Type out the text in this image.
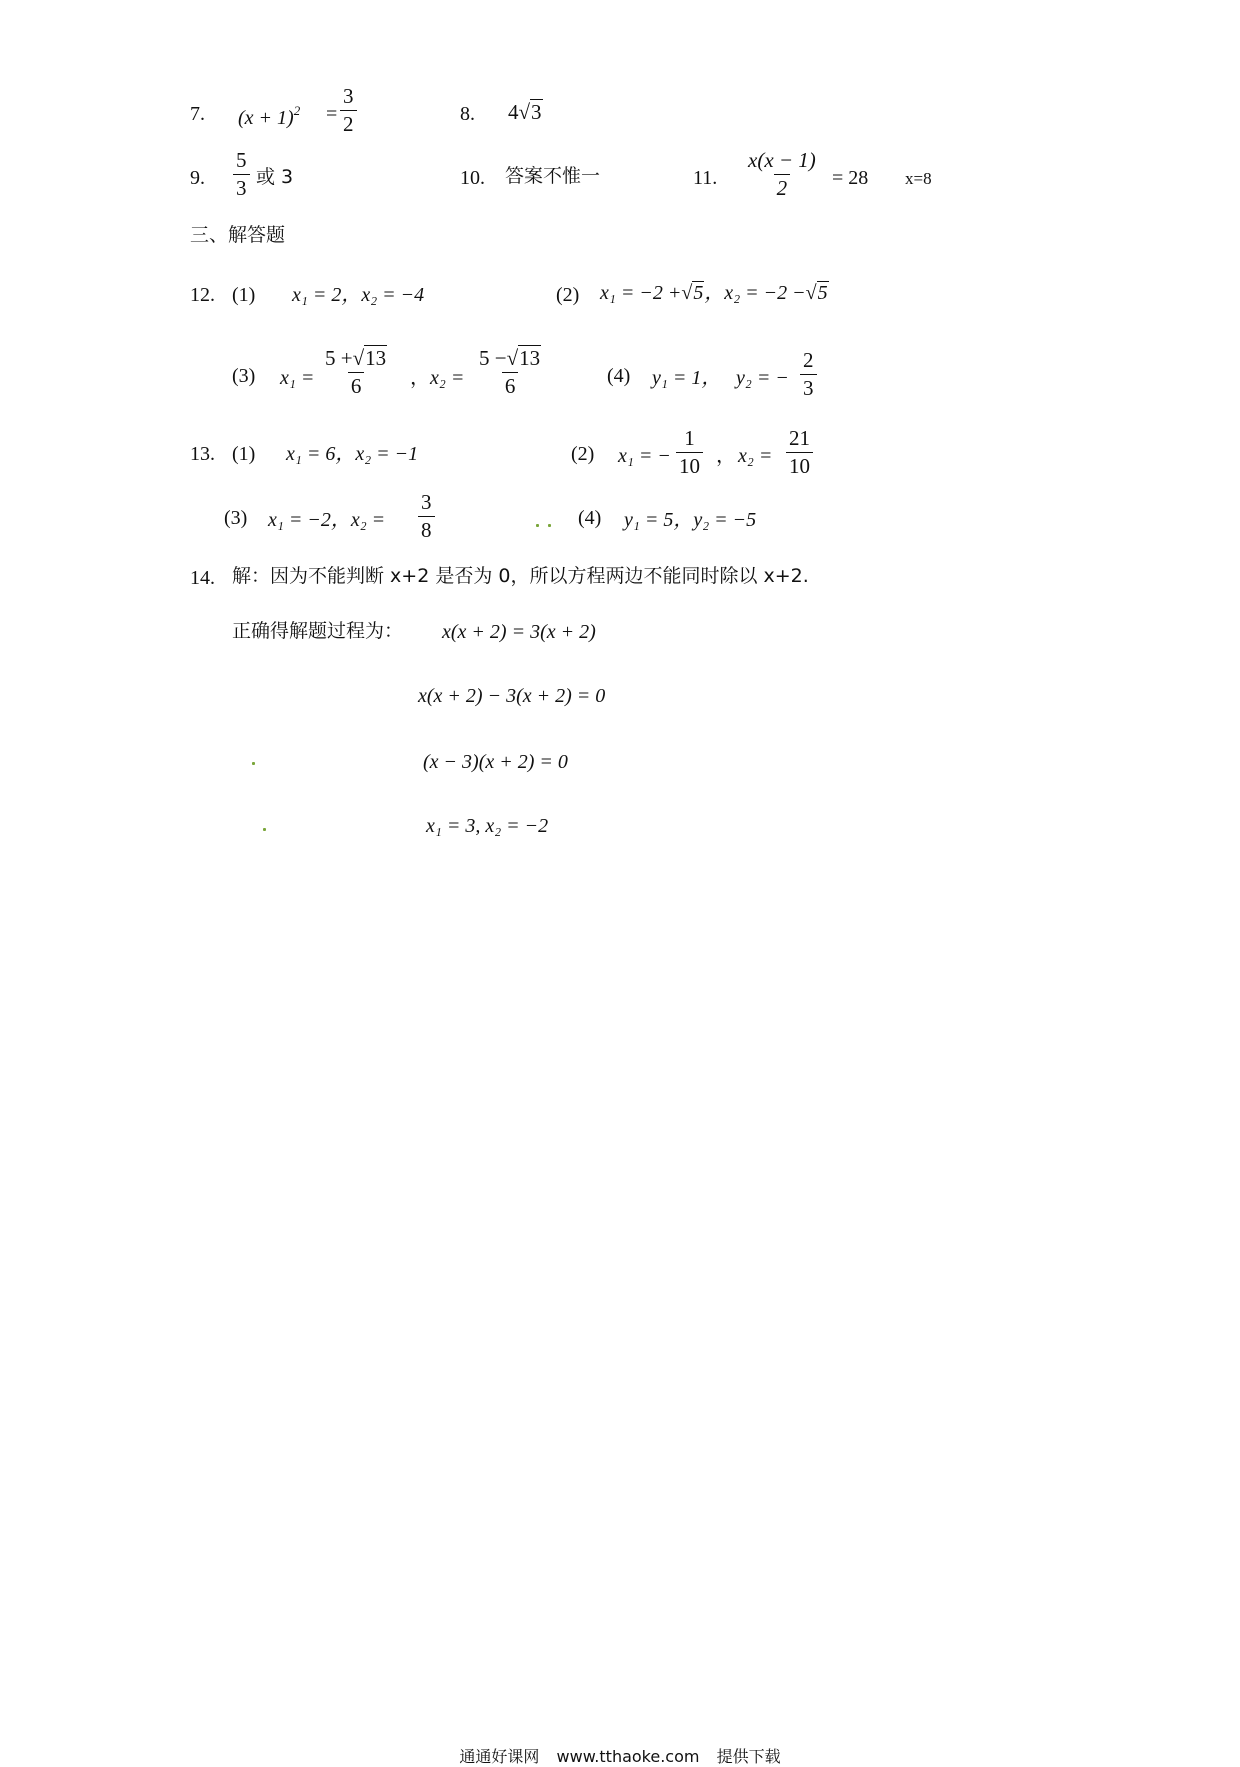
7. $(x + 1)^2 = \frac{3}{2}$	8. 4√3
9. $\frac{5}{3}$ 或 3	10. 答案不惟一	11. $\frac{x(x - 1)}{2} = 28$ x=8
三、解答题
12. (1) x₁ = 2，x₂ = −4	(2) x₁ = −2 +√5，x₂ = −2 −√5
(3) $x_1 = \frac{5 +√13}{6}$ ， $x_2 = \frac{5 -√13}{6}$	(4) y₁ = 1， y₂ = − $\frac{2}{3}$
13. (1) x₁ = 6，x₂ = −1	(2) x₁ = − $\frac{1}{10}$ ， $x_2 = \frac{21}{10}$
(3) x₁ = −2，$x_2 = \frac{3}{8}$	(4) y₁ = 5，y₂ = −5
14. 解：因为不能判断 x+2 是否为 0，所以方程两边不能同时除以 x+2.
正确得解题过程为： x(x + 2) = 3(x + 2)
x(x + 2) − 3(x + 2) = 0
(x − 3)(x + 2) = 0
x₁ = 3, x₂ = −2
通通好课网 www.tthaoke.com 提供下载
